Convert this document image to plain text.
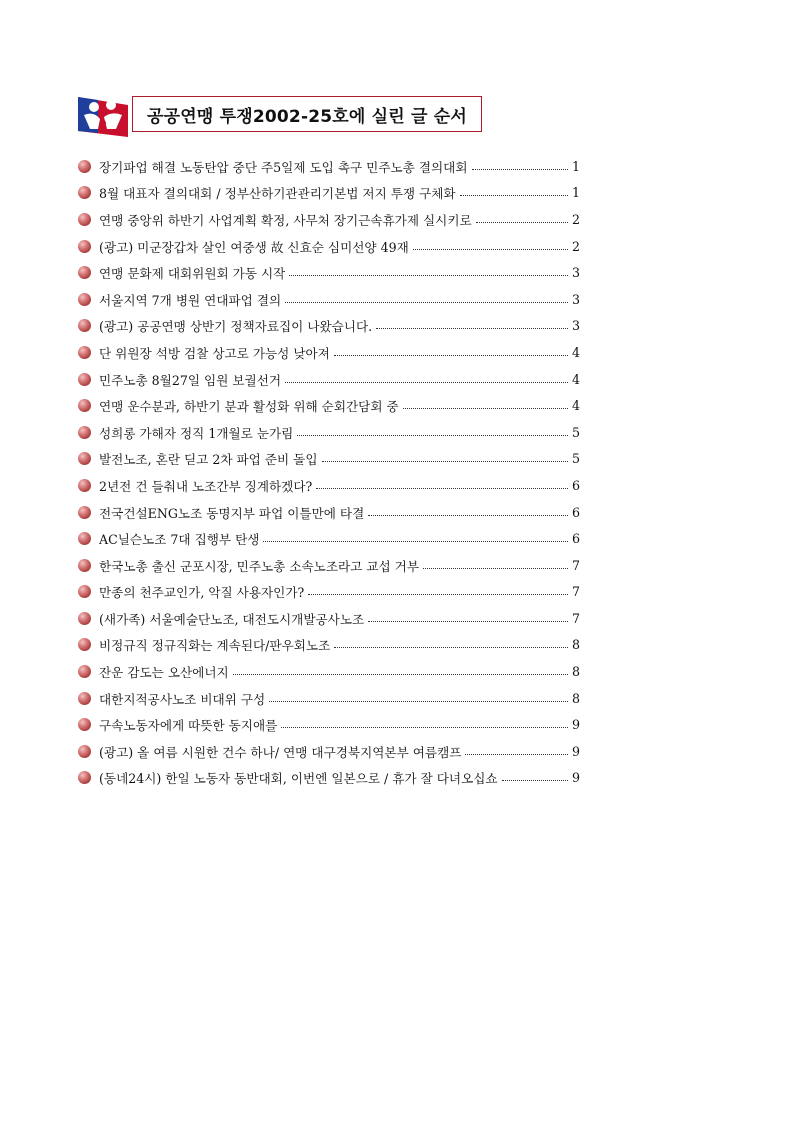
공공연맹 투쟁2002-25호에 실린 글 순서
장기파업 해결 노동탄압 중단 주5일제 도입 촉구 민주노총 결의대회	1
8월 대표자 결의대회 / 정부산하기관관리기본법 저지 투쟁 구체화	1
연맹 중앙위 하반기 사업계획 확정, 사무처 장기근속휴가제 실시키로	2
(광고) 미군장갑차 살인 여중생 故 신효순 심미선양 49재	2
연맹 문화제 대회위원회 가동 시작	3
서울지역 7개 병원 연대파업 결의	3
(광고) 공공연맹 상반기 정책자료집이 나왔습니다.	3
단 위원장 석방 검찰 상고로 가능성 낮아져	4
민주노총 8월27일 임원 보궐선거	4
연맹 운수분과, 하반기 분과 활성화 위해 순회간담회 중	4
성희롱 가해자 정직 1개월로 눈가림	5
발전노조, 혼란 딛고 2차 파업 준비 돌입	5
2년전 건 들춰내 노조간부 징계하겠다?	6
전국건설ENG노조 동명지부 파업 이틀만에 타결	6
AC닐슨노조 7대 집행부 탄생	6
한국노총 출신 군포시장, 민주노총 소속노조라고 교섭 거부	7
만종의 천주교인가, 악질 사용자인가?	7
(새가족) 서울예술단노조, 대전도시개발공사노조	7
비정규직 정규직화는 계속된다/판우회노조	8
잔운 감도는 오산에너지	8
대한지적공사노조 비대위 구성	8
구속노동자에게 따뜻한 동지애를	9
(광고) 올 여름 시원한 건수 하나/ 연맹 대구경북지역본부 여름캠프	9
(동네24시) 한일 노동자 동반대회, 이번엔 일본으로 / 휴가 잘 다녀오십쇼	9
